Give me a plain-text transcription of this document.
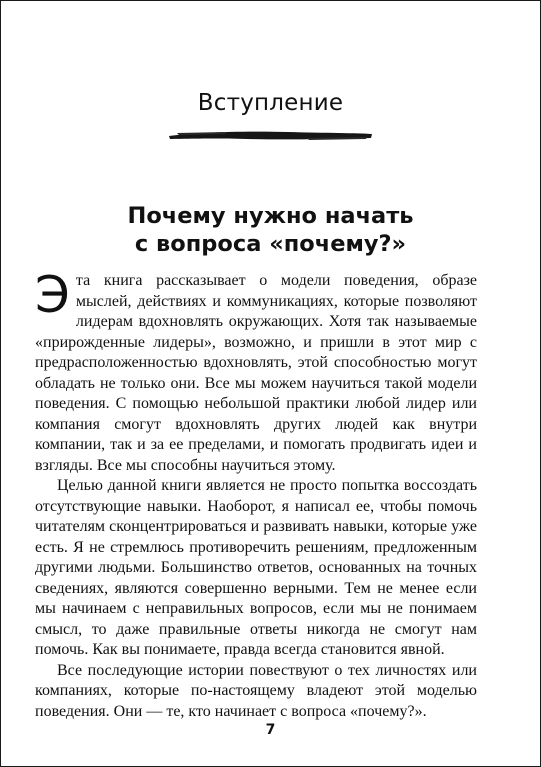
Вступление
Почему нужно начать
с вопроса «почему?»

Эта книга рассказывает о модели поведения, образе мыслей, действиях и коммуникациях, которые позволяют лидерам вдохновлять окружающих. Хотя так называемые «прирожденные лидеры», возможно, и пришли в этот мир с предрасположенностью вдохновлять, этой способностью могут обладать не только они. Все мы можем научиться такой модели поведения. С помощью небольшой практики любой лидер или компания смогут вдохновлять других людей как внутри компании, так и за ее пределами, и помогать продвигать идеи и взгляды. Все мы способны научиться этому.

Целью данной книги является не просто попытка воссоздать отсутствующие навыки. Наоборот, я написал ее, чтобы помочь читателям сконцентрироваться и развивать навыки, которые уже есть. Я не стремлюсь противоречить решениям, предложенным другими людьми. Большинство ответов, основанных на точных сведениях, являются совершенно верными. Тем не менее если мы начинаем с неправильных вопросов, если мы не понимаем смысл, то даже правильные ответы никогда не смогут нам помочь. Как вы понимаете, правда всегда становится явной.

Все последующие истории повествуют о тех личностях или компаниях, которые по-настоящему владеют этой моделью поведения. Они — те, кто начинает с вопроса «почему?».

7
